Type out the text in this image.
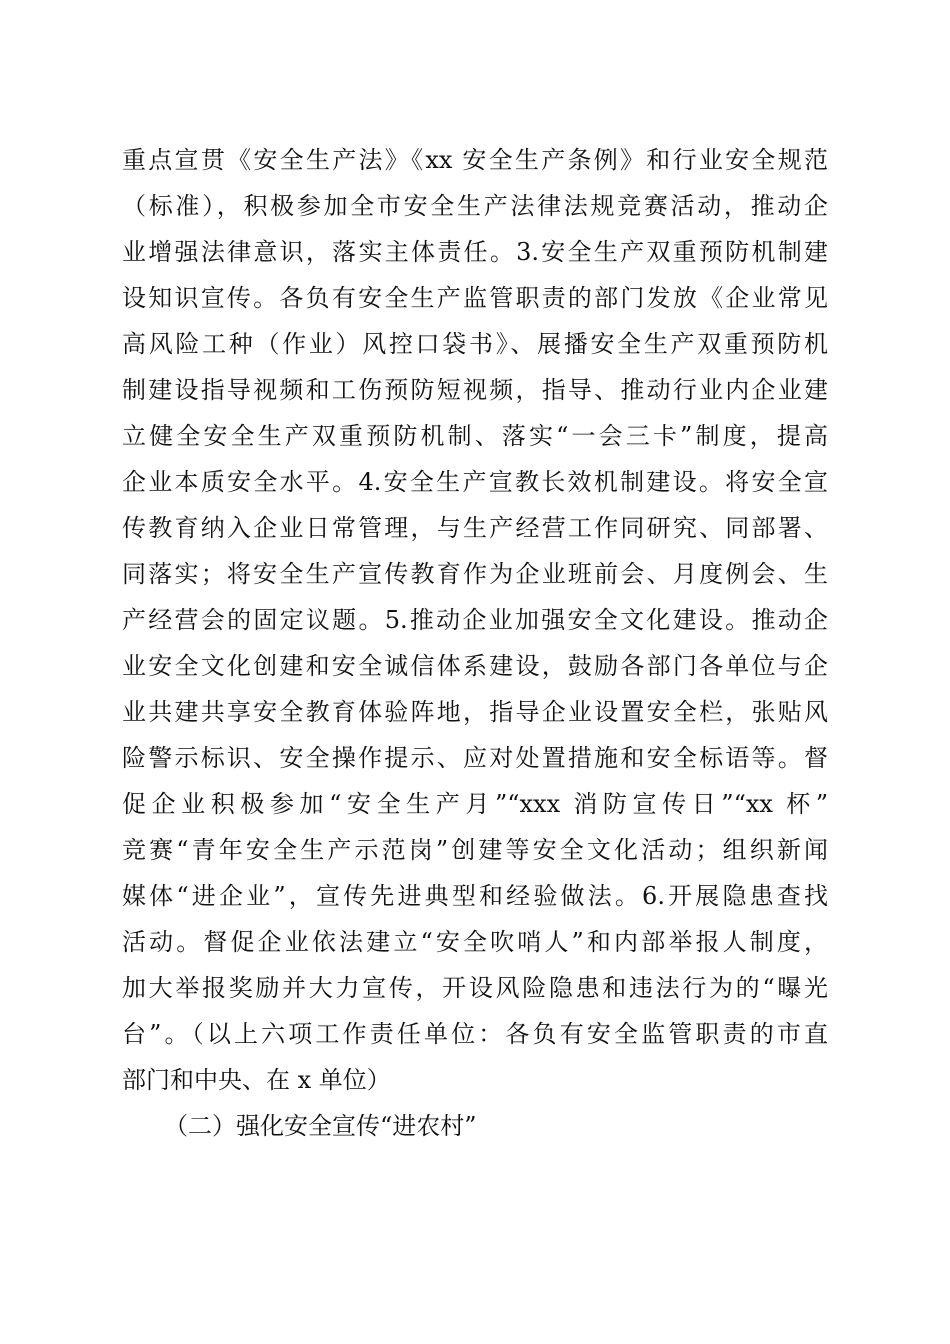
重点宣贯《安全生产法》《xx 安全生产条例》和行业安全规范
（标准），积极参加全市安全生产法律法规竞赛活动，推动企
业增强法律意识，落实主体责任。3.安全生产双重预防机制建
设知识宣传。各负有安全生产监管职责的部门发放《企业常见
高风险工种（作业）风控口袋书》、展播安全生产双重预防机
制建设指导视频和工伤预防短视频，指导、推动行业内企业建
立健全安全生产双重预防机制、落实“一会三卡”制度，提高
企业本质安全水平。4.安全生产宣教长效机制建设。将安全宣
传教育纳入企业日常管理，与生产经营工作同研究、同部署、
同落实；将安全生产宣传教育作为企业班前会、月度例会、生
产经营会的固定议题。5.推动企业加强安全文化建设。推动企
业安全文化创建和安全诚信体系建设，鼓励各部门各单位与企
业共建共享安全教育体验阵地，指导企业设置安全栏，张贴风
险警示标识、安全操作提示、应对处置措施和安全标语等。督
促企业积极参加“安全生产月”“xxx 消防宣传日”“xx 杯”
竞赛“青年安全生产示范岗”创建等安全文化活动；组织新闻
媒体“进企业”，宣传先进典型和经验做法。6.开展隐患查找
活动。督促企业依法建立“安全吹哨人”和内部举报人制度，
加大举报奖励并大力宣传，开设风险隐患和违法行为的“曝光
台”。（以上六项工作责任单位：各负有安全监管职责的市直
部门和中央、在 x 单位）
（二）强化安全宣传“进农村”
